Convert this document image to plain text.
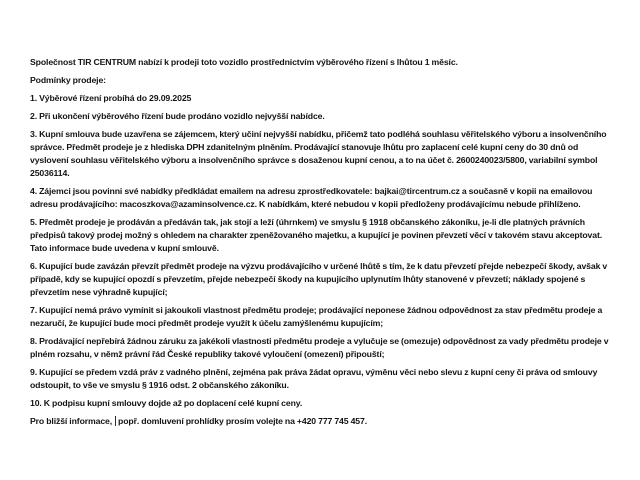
Společnost TIR CENTRUM nabízí k prodeji toto vozidlo prostřednictvím výběrového řízení s lhůtou 1 měsíc.

Podmínky prodeje:

1. Výběrové řízení probíhá do 29.09.2025

2. Při ukončení výběrového řízení bude prodáno vozidlo nejvyšší nabídce.

3. Kupní smlouva bude uzavřena se zájemcem, který učiní nejvyšší nabídku, přičemž tato podléhá souhlasu věřitelského výboru a insolvenčního správce. Předmět prodeje je z hlediska DPH zdanitelným plněním. Prodávající stanovuje lhůtu pro zaplacení celé kupní ceny do 30 dnů od vyslovení souhlasu věřitelského výboru a insolvenčního správce s dosaženou kupní cenou, a to na účet č. 2600240023/5800, variabilní symbol 25036114.

4. Zájemci jsou povinni své nabídky předkládat emailem na adresu zprostředkovatele: bajkai@tircentrum.cz a současně v kopii na emailovou adresu prodávajícího: macoszkova@azaminsolvence.cz. K nabídkám, které nebudou v kopii předloženy prodávajícímu nebude přihlíženo.

5. Předmět prodeje je prodáván a předáván tak, jak stojí a leží (úhrnkem) ve smyslu § 1918 občanského zákoníku, je-li dle platných právních předpisů takový prodej možný s ohledem na charakter zpeněžovaného majetku, a kupující je povinen převzetí věcí v takovém stavu akceptovat. Tato informace bude uvedena v kupní smlouvě.

6. Kupující bude zavázán převzít předmět prodeje na výzvu prodávajícího v určené lhůtě s tím, že k datu převzetí přejde nebezpečí škody, avšak v případě, kdy se kupující opozdí s převzetím, přejde nebezpečí škody na kupujícího uplynutím lhůty stanovené v převzetí; náklady spojené s převzetím nese výhradně kupující;

7. Kupující nemá právo vymínit si jakoukoli vlastnost předmětu prodeje; prodávající neponese žádnou odpovědnost za stav předmětu prodeje a nezaručí, že kupující bude moci předmět prodeje využít k účelu zamýšlenému kupujícím;

8. Prodávající nepřebírá žádnou záruku za jakékoli vlastnosti předmětu prodeje a vylučuje se (omezuje) odpovědnost za vady předmětu prodeje v plném rozsahu, v němž právní řád České republiky takové vyloučení (omezení) připouští;

9. Kupující se předem vzdá práv z vadného plnění, zejména pak práva žádat opravu, výměnu věci nebo slevu z kupní ceny či práva od smlouvy odstoupit, to vše ve smyslu § 1916 odst. 2 občanského zákoníku.

10. K podpisu kupní smlouvy dojde až po doplacení celé kupní ceny.

Pro bližší informace, popř. domluvení prohlídky prosím volejte na +420 777 745 457.
